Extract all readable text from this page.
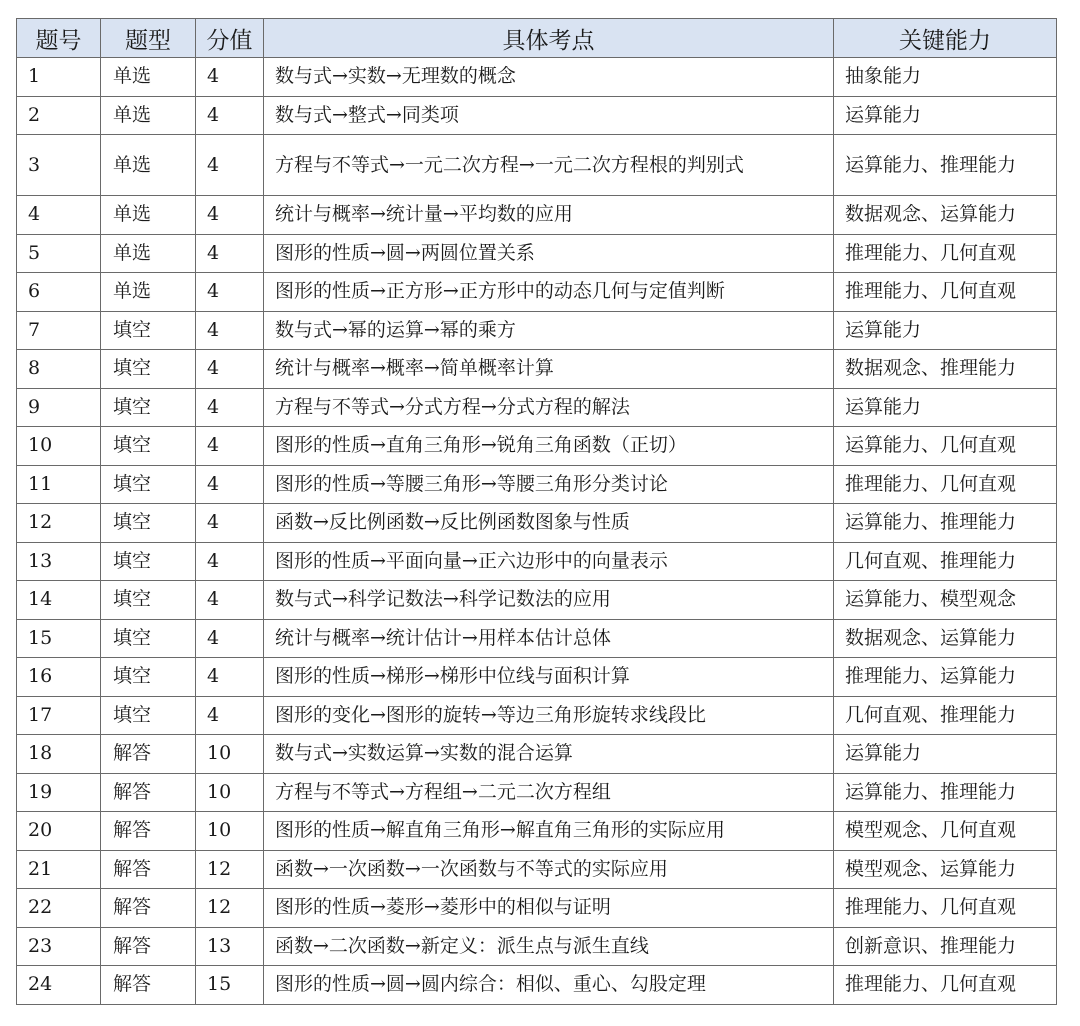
题号	题型	分值	具体考点	关键能力
1	单选	4	数与式→实数→无理数的概念	抽象能力
2	单选	4	数与式→整式→同类项	运算能力
3	单选	4	方程与不等式→一元二次方程→一元二次方程根的判别式	运算能力、推理能力
4	单选	4	统计与概率→统计量→平均数的应用	数据观念、运算能力
5	单选	4	图形的性质→圆→两圆位置关系	推理能力、几何直观
6	单选	4	图形的性质→正方形→正方形中的动态几何与定值判断	推理能力、几何直观
7	填空	4	数与式→幂的运算→幂的乘方	运算能力
8	填空	4	统计与概率→概率→简单概率计算	数据观念、推理能力
9	填空	4	方程与不等式→分式方程→分式方程的解法	运算能力
10	填空	4	图形的性质→直角三角形→锐角三角函数（正切）	运算能力、几何直观
11	填空	4	图形的性质→等腰三角形→等腰三角形分类讨论	推理能力、几何直观
12	填空	4	函数→反比例函数→反比例函数图象与性质	运算能力、推理能力
13	填空	4	图形的性质→平面向量→正六边形中的向量表示	几何直观、推理能力
14	填空	4	数与式→科学记数法→科学记数法的应用	运算能力、模型观念
15	填空	4	统计与概率→统计估计→用样本估计总体	数据观念、运算能力
16	填空	4	图形的性质→梯形→梯形中位线与面积计算	推理能力、运算能力
17	填空	4	图形的变化→图形的旋转→等边三角形旋转求线段比	几何直观、推理能力
18	解答	10	数与式→实数运算→实数的混合运算	运算能力
19	解答	10	方程与不等式→方程组→二元二次方程组	运算能力、推理能力
20	解答	10	图形的性质→解直角三角形→解直角三角形的实际应用	模型观念、几何直观
21	解答	12	函数→一次函数→一次函数与不等式的实际应用	模型观念、运算能力
22	解答	12	图形的性质→菱形→菱形中的相似与证明	推理能力、几何直观
23	解答	13	函数→二次函数→新定义：派生点与派生直线	创新意识、推理能力
24	解答	15	图形的性质→圆→圆内综合：相似、重心、勾股定理	推理能力、几何直观
